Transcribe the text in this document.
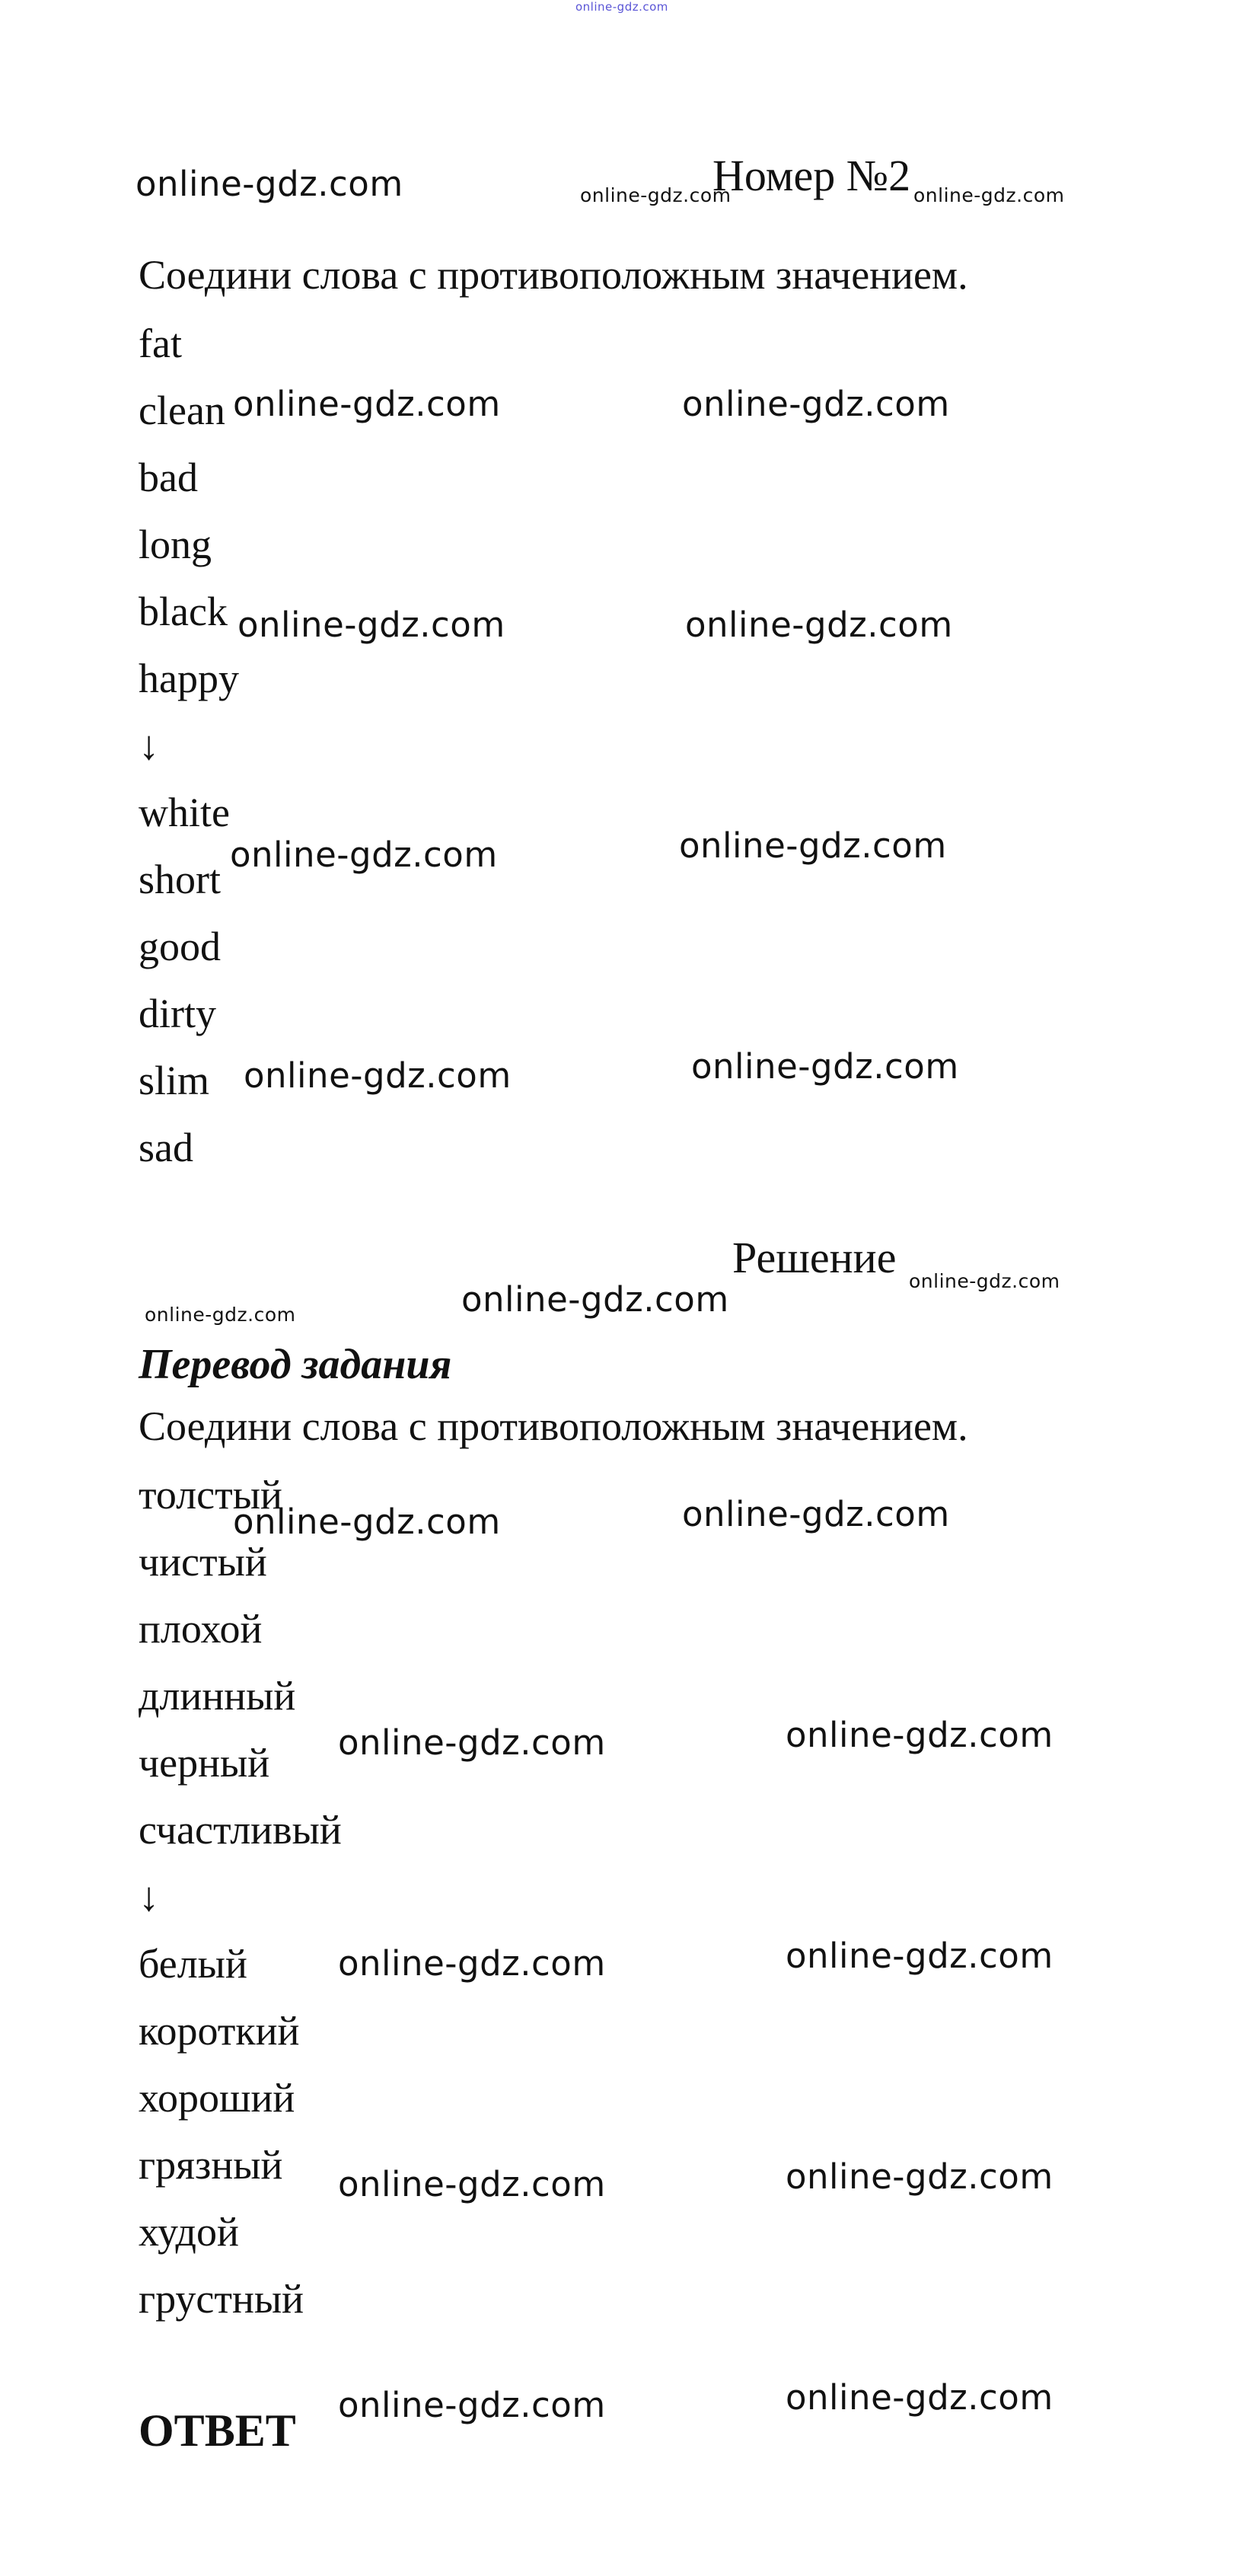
online-gdz.com
online-gdz.com	online-gdz.com
Номер №2 online-gdz.com
Соедини слова с противоположным значением.
fat
clean
bad
long
black
happy
↓
white
short
good
dirty
slim
sad
online-gdz.com	online-gdz.com
online-gdz.com	online-gdz.com
online-gdz.com	online-gdz.com
online-gdz.com	online-gdz.com
Решение online-gdz.com
online-gdz.com	online-gdz.com
Перевод задания
Соедини слова с противоположным значением.
толстый
чистый
плохой
длинный
черный
счастливый
↓
белый
короткий
хороший
грязный
худой
грустный
online-gdz.com	online-gdz.com
online-gdz.com	online-gdz.com
online-gdz.com	online-gdz.com
online-gdz.com	online-gdz.com
online-gdz.com	online-gdz.com
ОТВЕТ
